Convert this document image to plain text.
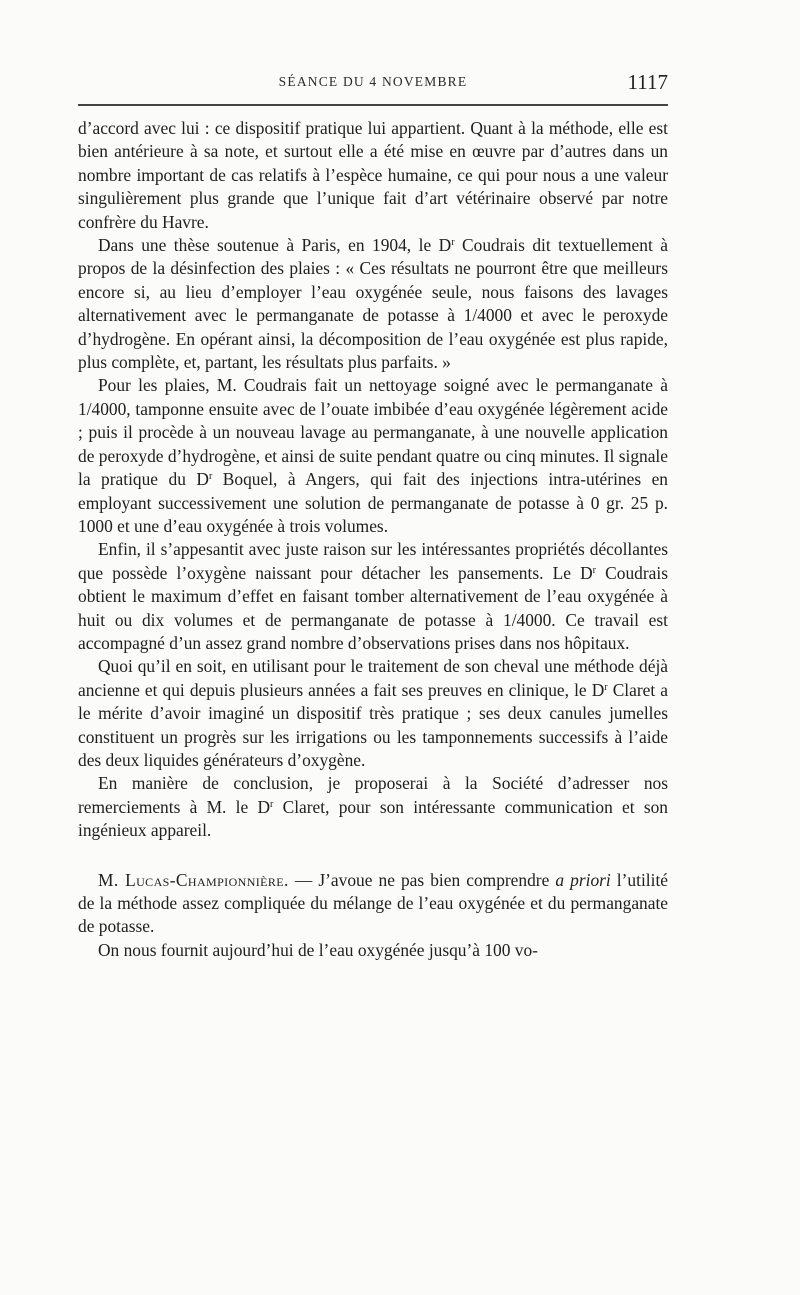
SÉANCE DU 4 NOVEMBRE	1117

d’accord avec lui : ce dispositif pratique lui appartient. Quant à la méthode, elle est bien antérieure à sa note, et surtout elle a été mise en œuvre par d’autres dans un nombre important de cas relatifs à l’espèce humaine, ce qui pour nous a une valeur singulièrement plus grande que l’unique fait d’art vétérinaire observé par notre confrère du Havre.

Dans une thèse soutenue à Paris, en 1904, le $D^r$ Coudrais dit textuellement à propos de la désinfection des plaies : « Ces résultats ne pourront être que meilleurs encore si, au lieu d’employer l’eau oxygénée seule, nous faisons des lavages alternativement avec le permanganate de potasse à 1/4000 et avec le peroxyde d’hydrogène. En opérant ainsi, la décomposition de l’eau oxygénée est plus rapide, plus complète, et, partant, les résultats plus parfaits. »

Pour les plaies, M. Coudrais fait un nettoyage soigné avec le permanganate à 1/4000, tamponne ensuite avec de l’ouate imbibée d’eau oxygénée légèrement acide ; puis il procède à un nouveau lavage au permanganate, à une nouvelle application de peroxyde d’hydrogène, et ainsi de suite pendant quatre ou cinq minutes. Il signale la pratique du $D^r$ Boquel, à Angers, qui fait des injections intra-utérines en employant successivement une solution de permanganate de potasse à 0 gr. 25 p. 1000 et une d’eau oxygénée à trois volumes.

Enfin, il s’appesantit avec juste raison sur les intéressantes propriétés décollantes que possède l’oxygène naissant pour détacher les pansements. Le $D^r$ Coudrais obtient le maximum d’effet en faisant tomber alternativement de l’eau oxygénée à huit ou dix volumes et de permanganate de potasse à 1/4000. Ce travail est accompagné d’un assez grand nombre d’observations prises dans nos hôpitaux.

Quoi qu’il en soit, en utilisant pour le traitement de son cheval une méthode déjà ancienne et qui depuis plusieurs années a fait ses preuves en clinique, le $D^r$ Claret a le mérite d’avoir imaginé un dispositif très pratique ; ses deux canules jumelles constituent un progrès sur les irrigations ou les tamponnements successifs à l’aide des deux liquides générateurs d’oxygène.

En manière de conclusion, je proposerai à la Société d’adresser nos remerciements à M. le $D^r$ Claret, pour son intéressante communication et son ingénieux appareil.

M. Lucas-Championnière. — J’avoue ne pas bien comprendre a priori l’utilité de la méthode assez compliquée du mélange de l’eau oxygénée et du permanganate de potasse.

On nous fournit aujourd’hui de l’eau oxygénée jusqu’à 100 vo-
